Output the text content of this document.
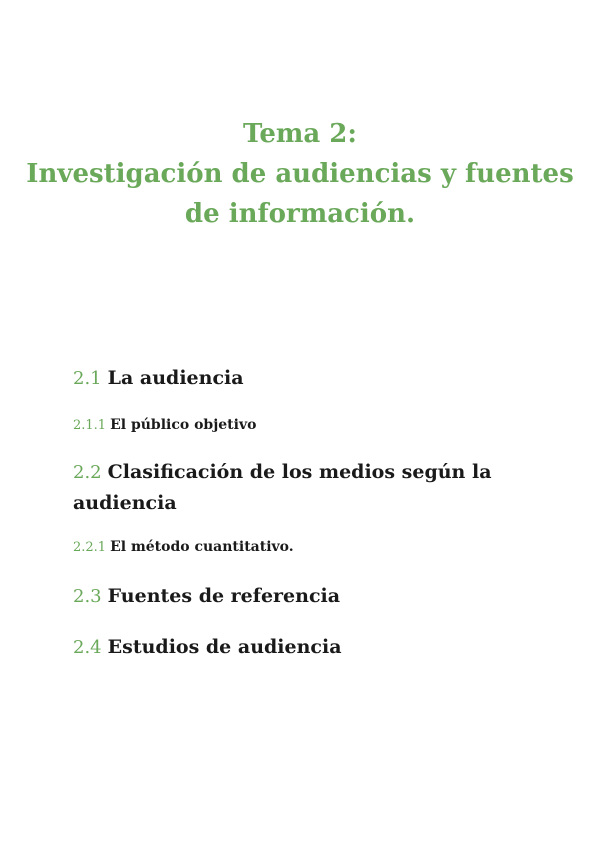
Tema 2:
Investigación de audiencias y fuentes
de información.
2.1 La audiencia
2.1.1 El público objetivo
2.2 Clasificación de los medios según la audiencia
2.2.1 El método cuantitativo.
2.3 Fuentes de referencia
2.4 Estudios de audiencia
